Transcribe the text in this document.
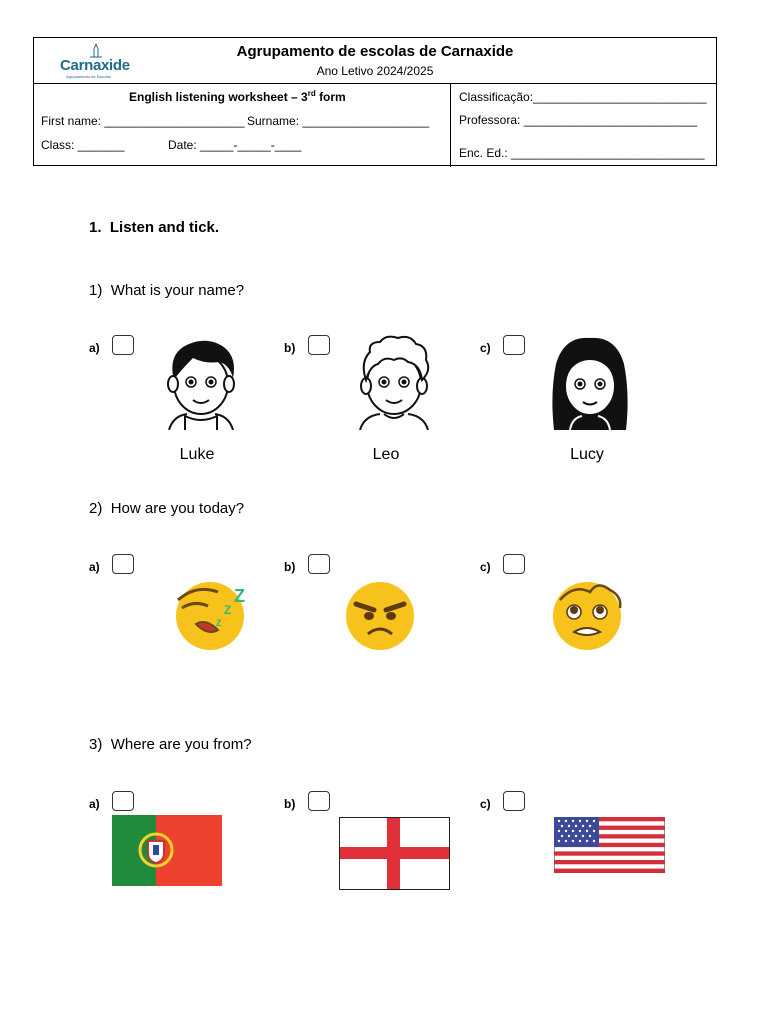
Carnaxide
Agrupamento de Escolas
Agrupamento de escolas de Carnaxide
Ano Letivo 2024/2025
English listening worksheet – 3rd form
First name: _____________________ Surname: ___________________
Class: _______	Date: _____-_____-____
Classificação:__________________________
Professora: __________________________
Enc. Ed.: _____________________________
1. Listen and tick.
1) What is your name?
a)	b)	c)
Luke	Leo	Lucy
2) How are you today?
a)	b)	c)
Z
Z
Z
3) Where are you from?
a)	b)	c)
